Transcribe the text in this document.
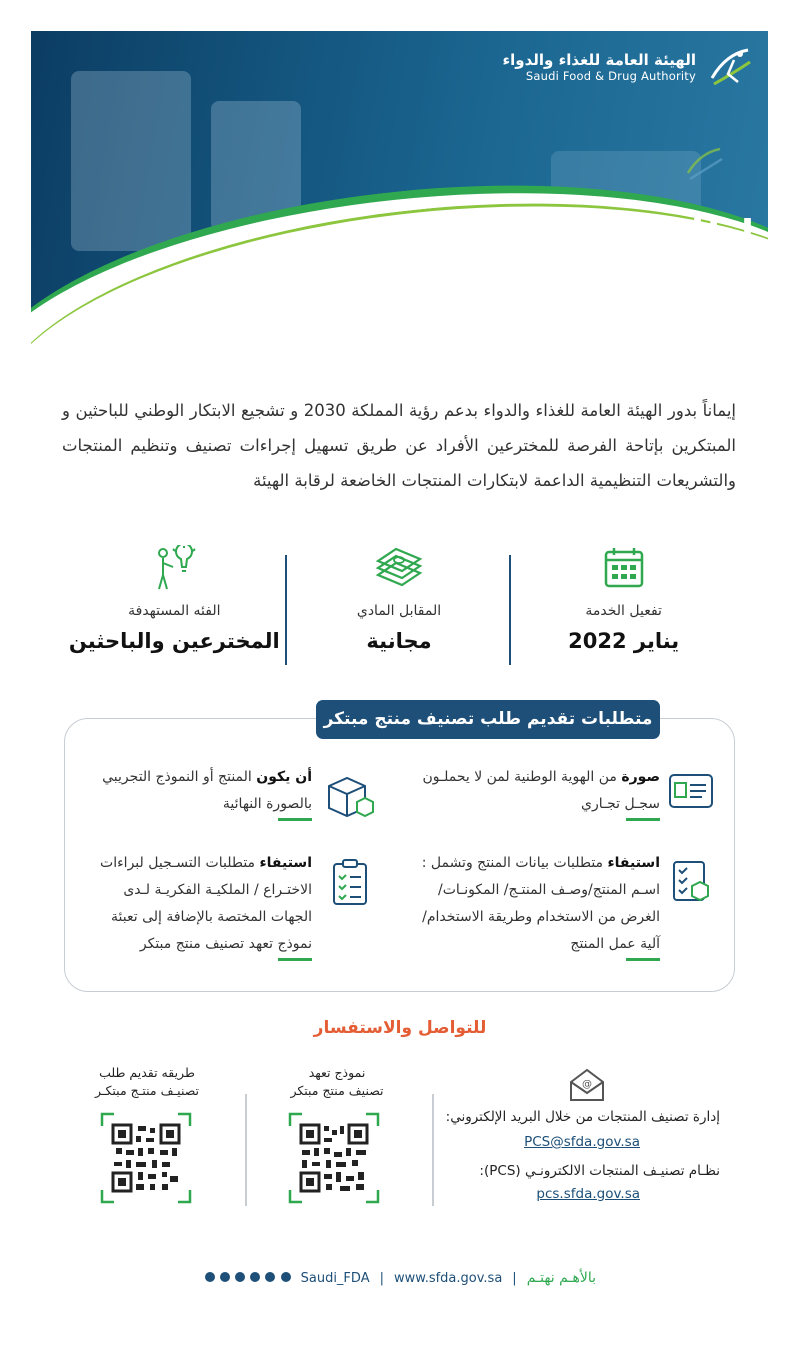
الهيئة العامة للغذاء والدواء
Saudi Food & Drug Authority
إطلاق خدمة تصنيف
منتج مبتكر للمخترعين
إيماناً بدور الهيئة العامة للغذاء والدواء بدعم رؤية المملكة 2030 و تشجيع الابتكار الوطني للباحثين و المبتكرين بإتاحة الفرصة للمخترعين الأفراد عن طريق تسهيل إجراءات تصنيف وتنظيم المنتجات والتشريعات التنظيمية الداعمة لابتكارات المنتجات الخاضعة لرقابة الهيئة
تفعيل الخدمة
يناير 2022
المقابل المادي
مجانية
الفئه المستهدفة
المخترعين والباحثين
متطلبات تقديم طلب تصنيف منتج مبتكر
صورة من الهوية الوطنية لمن لا يحملـون
سجـل تجـاري
أن يكون المنتج أو النموذج التجريبي
بالصورة النهائية
استيفاء متطلبات بيانات المنتج وتشمل :
اسـم المنتج/وصـف المنتـج/ المكونـات/
الغرض من الاستخدام وطريقة الاستخدام/
آلية عمل المنتج
استيفاء متطلبات التسـجيل لبراءات
الاختـراع / الملكيـة الفكريـة لـدى
الجهات المختصة بالإضافة إلى تعبئة
نموذج تعهد تصنيف منتج مبتكر
للتواصل والاستفسار
@
إدارة تصنيف المنتجات من خلال البريد الإلكتروني:
PCS@sfda.gov.sa
نظـام تصنيـف المنتجات الالكترونـي (PCS):
pcs.sfda.gov.sa
نموذج تعهد
تصنيف منتج مبتكر
طريقه تقديم طلب
تصنيـف منتـج مبتكـر

Saudi_FDA | www.sfda.gov.sa | بالأهـم نهتـم
